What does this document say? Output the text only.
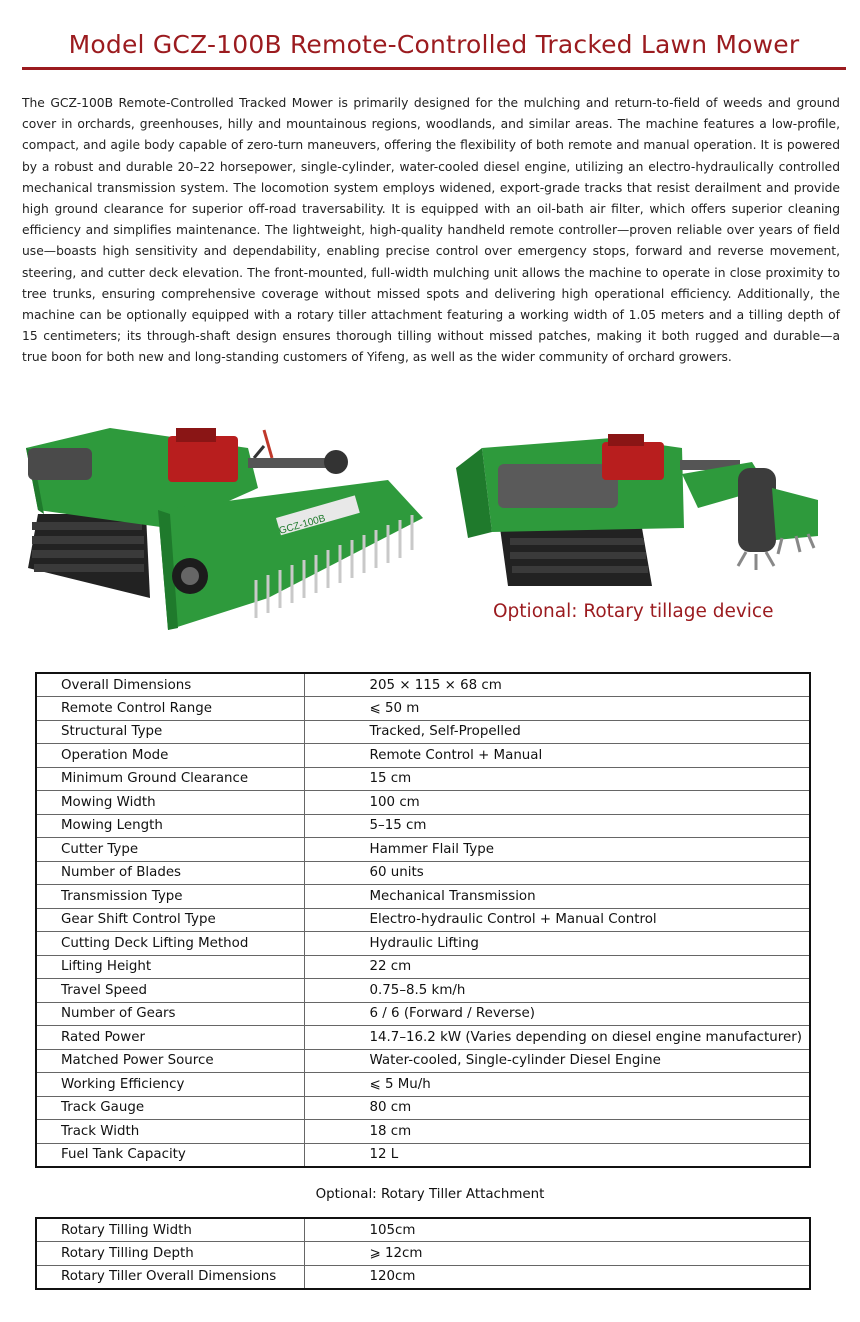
Model GCZ-100B Remote-Controlled Tracked Lawn Mower

The GCZ-100B Remote-Controlled Tracked Mower is primarily designed for the mulching and return-to-field of weeds and ground cover in orchards, greenhouses, hilly and mountainous regions, woodlands, and similar areas. The machine features a low-profile, compact, and agile body capable of zero-turn maneuvers, offering the flexibility of both remote and manual operation. It is powered by a robust and durable 20–22 horsepower, single-cylinder, water-cooled diesel engine, utilizing an electro-hydraulically controlled mechanical transmission system. The locomotion system employs widened, export-grade tracks that resist derailment and provide high ground clearance for superior off-road traversability. It is equipped with an oil-bath air filter, which offers superior cleaning efficiency and simplifies maintenance. The lightweight, high-quality handheld remote controller—proven reliable over years of field use—boasts high sensitivity and dependability, enabling precise control over emergency stops, forward and reverse movement, steering, and cutter deck elevation. The front-mounted, full-width mulching unit allows the machine to operate in close proximity to tree trunks, ensuring comprehensive coverage without missed spots and delivering high operational efficiency. Additionally, the machine can be optionally equipped with a rotary tiller attachment featuring a working width of 1.05 meters and a tilling depth of 15 centimeters; its through-shaft design ensures thorough tilling without missed patches, making it both rugged and durable—a true boon for both new and long-standing customers of Yifeng, as well as the wider community of orchard growers.

GCZ-100B
Optional: Rotary tillage device
Overall Dimensions	205 × 115 × 68 cm
Remote Control Range	⩽ 50 m
Structural Type	Tracked, Self-Propelled
Operation Mode	Remote Control + Manual
Minimum Ground Clearance	15 cm
Mowing Width	100 cm
Mowing Length	5–15 cm
Cutter Type	Hammer Flail Type
Number of Blades	60 units
Transmission Type	Mechanical Transmission
Gear Shift Control Type	Electro-hydraulic Control + Manual Control
Cutting Deck Lifting Method	Hydraulic Lifting
Lifting Height	22 cm
Travel Speed	0.75–8.5 km/h
Number of Gears	6 / 6 (Forward / Reverse)
Rated Power	14.7–16.2 kW (Varies depending on diesel engine manufacturer)
Matched Power Source	Water-cooled, Single-cylinder Diesel Engine
Working Efficiency	⩽ 5 Mu/h
Track Gauge	80 cm
Track Width	18 cm
Fuel Tank Capacity	12 L
Optional: Rotary Tiller Attachment
Rotary Tilling Width	105cm
Rotary Tilling Depth	⩾ 12cm
Rotary Tiller Overall Dimensions	120cm
